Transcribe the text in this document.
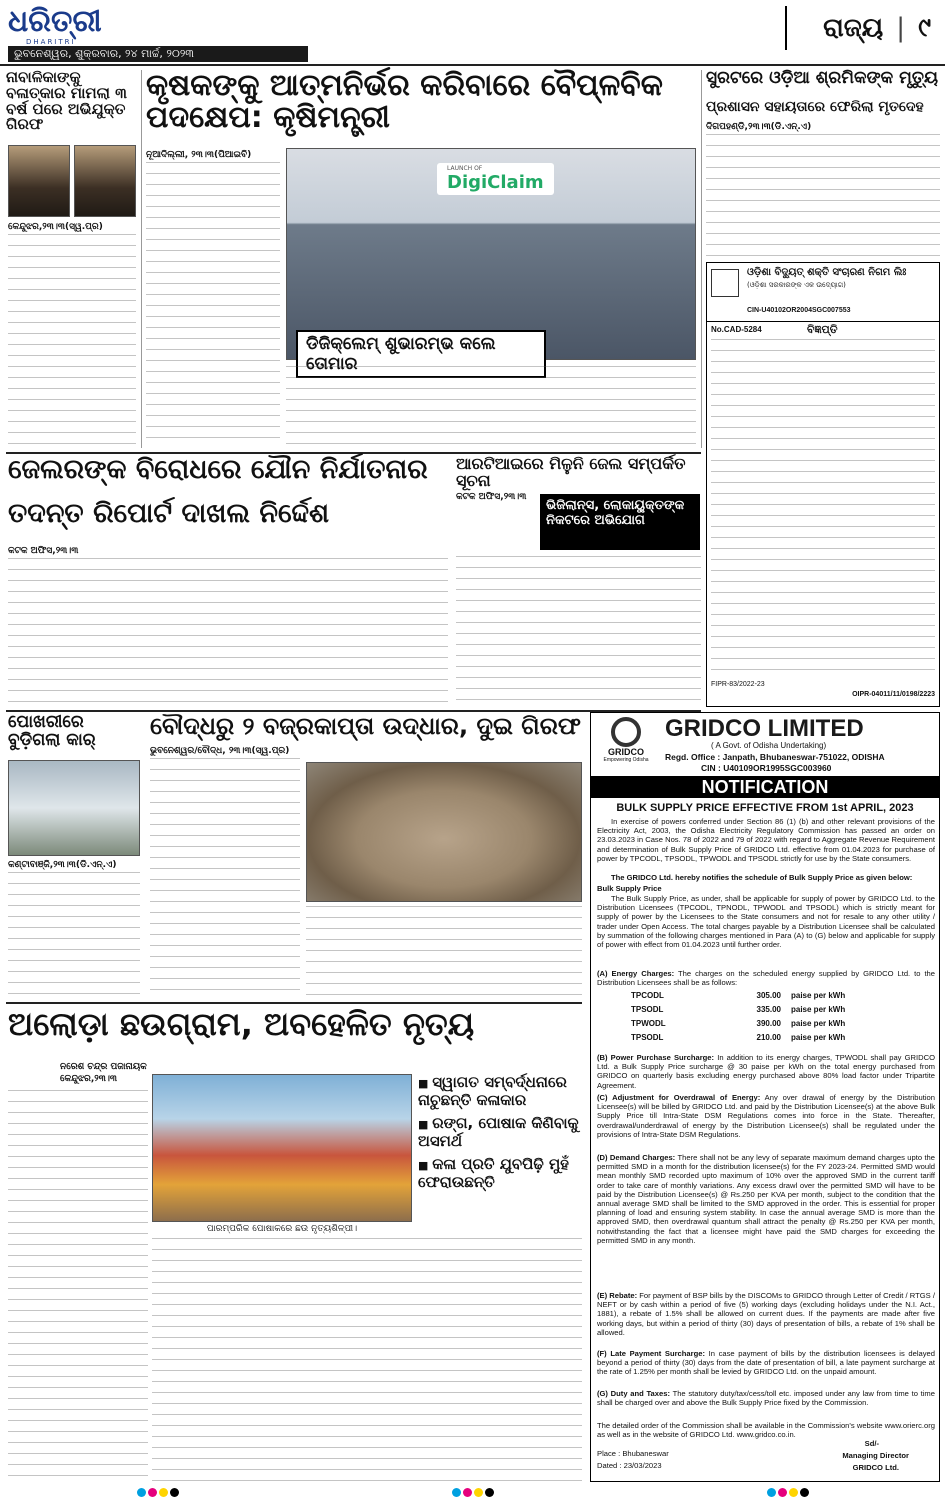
ଧରିତ୍ରୀ
DHARITRI
ଭୁବନେଶ୍ୱର, ଶୁକ୍ରବାର, ୨୪ ମାର୍ଚ୍ଚ, ୨୦୨୩
ରାଜ୍ୟ | ୯
ନାବାଳିକାଙ୍କୁ ବଳାତ୍କାର ମାମଲା ୩ ବର୍ଷ ପରେ ଅଭିଯୁକ୍ତ ଗିରଫ
କେନ୍ଦୁଝର,୨୩।୩(ସ୍ୱ.ପ୍ର)
କୃଷକଙ୍କୁ ଆତ୍ମନିର୍ଭର କରିବାରେ ବୈପ୍ଳବିକ ପଦକ୍ଷେପ: କୃଷିମନ୍ତ୍ରୀ
ନୂଆଦିଲ୍ଲୀ, ୨୩।୩(ପିଆଇବି)
LAUNCH OF
DigiClaim
ଡିଜିକ୍ଲେମ୍ ଶୁଭାରମ୍ଭ କଲେ ତୋମାର
ସୁରଟରେ ଓଡ଼ିଆ ଶ୍ରମିକଙ୍କ ମୃତ୍ୟୁ
ପ୍ରଶାସନ ସହାୟତାରେ ଫେରିଲା ମୃତଦେହ
ଦିଗପହଣ୍ଡି,୨୩।୩(ଡି.ଏନ୍.ଏ)
ଓଡ଼ିଶା ବିଦ୍ୟୁତ୍ ଶକ୍ତି ସଂଚାରଣ ନିଗମ ଲିଃ
(ଓଡ଼ିଶା ସରକାରଙ୍କ ଏକ ଉଦ୍ୟୋଗ)
CIN-U40102OR2004SGC007553
No.CAD-5284	ବିଜ୍ଞପ୍ତି
FIPR-83/2022-23
OIPR-04011/11/0198/2223
ଜେଲରଙ୍କ ବିରୋଧରେ ଯୌନ ନିର୍ଯାତନାର
ତଦନ୍ତ ରିପୋର୍ଟ ଦାଖଲ ନିର୍ଦ୍ଦେଶ
କଟକ ଅଫିସ,୨୩।୩
ଆରଟିଆଇରେ ମିଳୁନି ଜେଲ ସମ୍ପର୍କିତ ସୂଚନା
କଟକ ଅଫିସ,୨୩।୩
ଭିଜିଲାନ୍ସ, ଲୋକାୟୁକ୍ତଙ୍କ
ନିକଟରେ ଅଭିଯୋଗ
ପୋଖରୀରେ ବୁଡ଼ିଗଲା କାର୍
କଣ୍ଟାବାଞ୍ଜି,୨୩।୩(ଡି.ଏନ୍.ଏ)
ବୌଦ୍ଧରୁ ୨ ବଜ୍ରକାପ୍ତା ଉଦ୍ଧାର, ଦୁଇ ଗିରଫ
ଭୁବନେଶ୍ୱର/ବୌଦ୍ଧ, ୨୩।୩(ସ୍ୱ.ପ୍ର)
ଅଲୋଡ଼ା ଛଉଗ୍ରାମ, ଅବହେଳିତ ନୃତ୍ୟ
ନରେଶ ଚନ୍ଦ୍ର ପଜାନାୟକ
କେନ୍ଦୁଝର,୨୩।୩
ପାରମ୍ପରିକ ପୋଷାକରେ ଛଉ ନୃତ୍ୟଶିଳ୍ପୀ।
■ ସ୍ୱାଗତ ସମ୍ବର୍ଦ୍ଧନାରେ ନାଚୁଛନ୍ତି କଳାକାର
■ ରଙ୍ଗ, ପୋଷାକ କିଣିବାକୁ ଅସମର୍ଥ
■ କଳା ପ୍ରତି ଯୁବପିଢ଼ି ମୁହଁ ଫେରାଉଛନ୍ତି
GRIDCO
Empowering Odisha
GRIDCO LIMITED
( A Govt. of Odisha Undertaking)
Regd. Office : Janpath, Bhubaneswar-751022, ODISHA
CIN : U40109OR1995SGC003960
NOTIFICATION
BULK SUPPLY PRICE EFFECTIVE FROM 1st APRIL, 2023
In exercise of powers conferred under Section 86 (1) (b) and other relevant provisions of the Electricity Act, 2003, the Odisha Electricity Regulatory Commission has passed an order on 23.03.2023 in Case Nos. 78 of 2022 and 79 of 2022 with regard to Aggregate Revenue Requirement and determination of Bulk Supply Price of GRIDCO Ltd. effective from 01.04.2023 for purchase of power by TPCODL, TPSODL, TPWODL and TPSODL strictly for use by the State consumers.
The GRIDCO Ltd. hereby notifies the schedule of Bulk Supply Price as given below:
Bulk Supply Price
The Bulk Supply Price, as under, shall be applicable for supply of power by GRIDCO Ltd. to the Distribution Licensees (TPCODL, TPNODL, TPWODL and TPSODL) which is strictly meant for supply of power by the Licensees to the State consumers and not for resale to any other utility / trader under Open Access. The total charges payable by a Distribution Licensee shall be calculated by summation of the following charges mentioned in Para (A) to (G) below and applicable for supply of power with effect from 01.04.2023 until further order.
(A) Energy Charges: The charges on the scheduled energy supplied by GRIDCO Ltd. to the Distribution Licensees shall be as follows:
TPCODL	305.00	paise per kWh
TPSODL	335.00	paise per kWh
TPWODL	390.00	paise per kWh
TPSODL	210.00	paise per kWh
(B) Power Purchase Surcharge: In addition to its energy charges, TPWODL shall pay GRIDCO Ltd. a Bulk Supply Price surcharge @ 30 paise per kWh on the total energy purchased from GRIDCO on quarterly basis excluding energy purchased above 80% load factor under Tripartite Agreement.
(C) Adjustment for Overdrawal of Energy: Any over drawal of energy by the Distribution Licensee(s) will be billed by GRIDCO Ltd. and paid by the Distribution Licensee(s) at the above Bulk Supply Price till Intra-State DSM Regulations comes into force in the State. Thereafter, overdrawal/underdrawal of energy by the Distribution Licensee(s) shall be regulated under the provisions of Intra-State DSM Regulations.
(D) Demand Charges: There shall not be any levy of separate maximum demand charges upto the permitted SMD in a month for the distribution licensee(s) for the FY 2023-24. Permitted SMD would mean monthly SMD recorded upto maximum of 10% over the approved SMD in the current tariff order to take care of monthly variations. Any excess drawl over the permitted SMD will have to be paid by the Distribution Licensee(s) @ Rs.250 per KVA per month, subject to the condition that the annual average SMD shall be limited to the SMD approved in the order. This is essential for proper planning of load and ensuring system stability. In case the annual average SMD is more than the approved SMD, then overdrawal quantum shall attract the penalty @ Rs.250 per KVA per month, notwithstanding the fact that a licensee might have paid the SMD charges for exceeding the permitted SMD in any month.
(E) Rebate: For payment of BSP bills by the DISCOMs to GRIDCO through Letter of Credit / RTGS / NEFT or by cash within a period of five (5) working days (excluding holidays under the N.I. Act., 1881), a rebate of 1.5% shall be allowed on current dues. If the payments are made after five working days, but within a period of thirty (30) days of presentation of bills, a rebate of 1% shall be allowed.
(F) Late Payment Surcharge: In case payment of bills by the distribution licensees is delayed beyond a period of thirty (30) days from the date of presentation of bill, a late payment surcharge at the rate of 1.25% per month shall be levied by GRIDCO Ltd. on the unpaid amount.
(G) Duty and Taxes: The statutory duty/tax/cess/toll etc. imposed under any law from time to time shall be charged over and above the Bulk Supply Price fixed by the Commission.
The detailed order of the Commission shall be available in the Commission's website www.orierc.org as well as in the website of GRIDCO Ltd. www.gridco.co.in.
Place : Bhubaneswar
Dated : 23/03/2023
Sd/-
Managing Director
GRIDCO Ltd.
